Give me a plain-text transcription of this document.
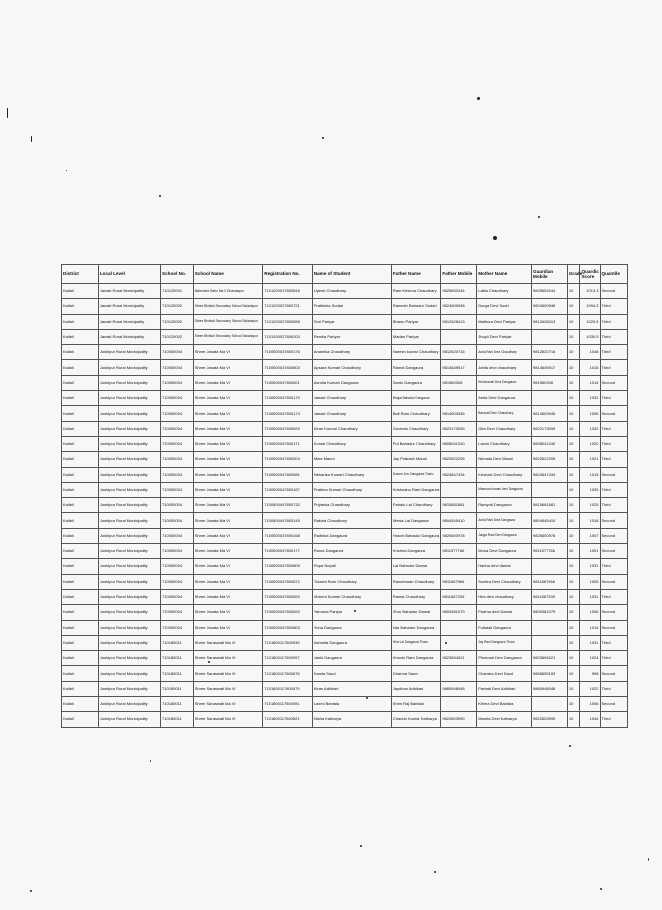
District	Local Level	School No.	School Name	Registration No.	Name of Student	Father Name	Father Mobile	Mother Name	Guardian Mobile	Grade	Quardic Score	Quantile
Kailali	Janaki Rural Municipality	710120001	Mahendra Sishu Ma V Dhamaapur	7101200017800816	Upesh Chaudhary	Ram Krishna Chaudhary	9825653244	Lalita Chaudhary	9825653244	10	1013.3	Second
Kailali	Janaki Rural Municipality	710120002	Shree Bhrikuti Secondary School Sakarlapur	7101200027800721	Pratiksha Sodari	Ramesh Bahadur Sodari	9824600948	Durga Devi Sodri	9824600948	10	1094.3	Third
Kailali	Janaki Rural Municipality	710120002	Shree Bhrikuti Secondary School Sakarlapur	7101200027800658	Sori Pariyar	Bhanu Pariyar	9812628413	Mathura Devi Pariyar	9812628413	10	1025.5	Third
Kailali	Janaki Rural Municipality	710120002	Shree Bhrikuti Secondary School Sakarlapur	7101200027800203	Renika Pariyar	Madan Pariyar		Jhupli Devi Pariyar		10	1030.5	Third
Kailali	Joshipur Rural Municipality	710050004	Shree Janata Ma Vi	7100500047800176	Anamika Chaudhary	Naresh kumar Chaudhary	9812620716	Asha Rani Devi Chaudhary	9812620716	10	1048	Third
Kailali	Joshipur Rural Municipality	710050004	Shree Janata Ma Vi	7100500047800803	Apsara Kumari Chaudhary	Ramdi Dangaura	9814649517	Jahta devi chaudhary	9814649517	10	1015	Third
Kailali	Joshipur Rural Municipality	710050004	Shree Janata Ma Vi	7100500047800821	Asmita Kumari Dangaura	Santu Dangaura	981560308	Krishnavati Devi Dangaura	981560308	10	1014	Second
Kailali	Joshipur Rural Municipality	710050004	Shree Janata Ma Vi	7100500047800170	Janaki Chaudhary	Bhajai Bahadur Dangaura		Anita Devi Dangaura		10	1032	Third
Kailali	Joshipur Rural Municipality	710050004	Shree Janata Ma Vi	7100500047800174	Janaki Chaudhary	Bali Ram Chaudhary	9814603945	Baluvati Devi Chaudhary	9814603945	10	1006	Second
Kailali	Joshipur Rural Municipality	710050004	Shree Janata Ma Vi	7100500047800629	Kiran Kumari Chaudhary	Govinda Chaudhary	9822173099	Gita Devi Chaudhary	9822173099	10	1032	Third
Kailali	Joshipur Rural Municipality	710050004	Shree Janata Ma Vi	7100500047800171	Komal Chaudhary	Pul Bahadur Chaudhary	9808041240	Laxmi Chaudhary	9808041240	10	1020	Third
Kailali	Joshipur Rural Municipality	710050004	Shree Janata Ma Vi	7100500047800204	Mina Mauni	Jay Prakash Mauni	9822622205	Nirmala Devi Mauni	9822622205	10	1021	Third
Kailali	Joshipur Rural Municipality	710050004	Shree Janata Ma Vi	7100500047800581	Neharika Kumari Chaudhary	Kusum Jivo Dangaura Tharu	9824647434	Keshavi Devi Chaudhary	9824647434	10	1015	Second
Kailali	Joshipur Rural Municipality	710050004	Shree Janata Ma Vi	7100500047800167	Prabina Kumari Chaudhary	Krishnahu Ram Dangaura		Mamuna kumari devi Dangaura		10	1039	Third
Kailali	Joshipur Rural Municipality	710050004	Shree Janata Ma Vi	7100500047800732	Priyanka Chaudhary	Pahalu Lal Chaudhary	9815681681	Ramyuti Dangaura	9815681681	10	1025	Third
Kailali	Joshipur Rural Municipality	710050004	Shree Janata Ma Vi	7100500047800145	Rakina Chaudhary	Mewa Lal Dangaura	9804545410	Asha Rani Devi Dangaura	9804545410	10	1016	Second
Kailali	Joshipur Rural Municipality	710050004	Shree Janata Ma Vi	7100500047800168	Radhika Dangaura	Hosch Bahadur Dangaura	9825600978	Janga Rani Devi Dangaura	9825600978	10	1007	Second
Kailali	Joshipur Rural Municipality	710050004	Shree Janata Ma Vi	7100500047800177	Ruma Dangaura	Krishna Dangaura	9811577766	Muna Devi Dangaura	9811577766	10	1001	Second
Kailali	Joshipur Rural Municipality	710050004	Shree Janata Ma Vi	7100500047800805	Rupa Nepali	Lal Bahadur Damai		Harina devi damai		10	1031	Third
Kailali	Joshipur Rural Municipality	710050004	Shree Janata Ma Vi	7100500047800872	Tulashi Ram Chaudhary	Ramcharan Chaudhary	9811667966	Sunitra Devi Chaudhary	9811667966	10	1005	Second
Kailali	Joshipur Rural Municipality	710050004	Shree Janata Ma Vi	7100500047800820	Vivkeni Kumari Chaudhary	Ramai Chaudhary	9811667339	Hira devi chaudhary	9811667339	10	1031	Third
Kailali	Joshipur Rural Municipality	710050004	Shree Janata Ma Vi	7100500047800620	Yamuna Pariyar	Shur Bahadur Damai	9809481079	Padma devi Damai	9809481079	10	1006	Second
Kailali	Joshipur Rural Municipality	710050004	Shree Janata Ma Vi	7100500047800803	Yuna Dangaura	Nar Bahadur Dangaura		Fulbasti Dangaura		10	1014	Second
Kailali	Joshipur Rural Municipality	710180011	Shree Saraswati Ma Vi	7101800117800935	Ashmita Dangaura	Hira Lal Dangaura Tharu		Jay Rani Dangaura Tharu		10	1031	Third
Kailali	Joshipur Rural Municipality	710180011	Shree Saraswati Ma Vi	7101800117800997	Janki Dangaura	Khushi Ram Dangaura	9823694021	Phulmati Devi Dangaura	9823694021	10	1024	Third
Kailali	Joshipur Rural Municipality	710180011	Shree Saraswati Ma Vi	7101800117800678	Kamla Saud	Dharma Saud		Chandra Devi Saud	9865659153	10	998	Second
Kailali	Joshipur Rural Municipality	710180011	Shree Saraswati Ma Vi	7101800117800579	Kiran Adhikari	Jaydhan Adhikari	9865948048	Parbati Devi Adhikari	9865948048	10	1022	Third
Kailali	Joshipur Rural Municipality	710180011	Shree Saraswati Ma Vi	7101800117800091	Laxmi Bantala	Khim Raj Bantala		Khima Devi Bantala		10	1006	Second
Kailali	Joshipur Rural Municipality	710180011	Shree Saraswati Ma Vi	7101800117800521	Nisha Katharya	Chandu Kumar Katharya	9822603990	Mamta Devi Katharya	9822603990	10	1044	Third
